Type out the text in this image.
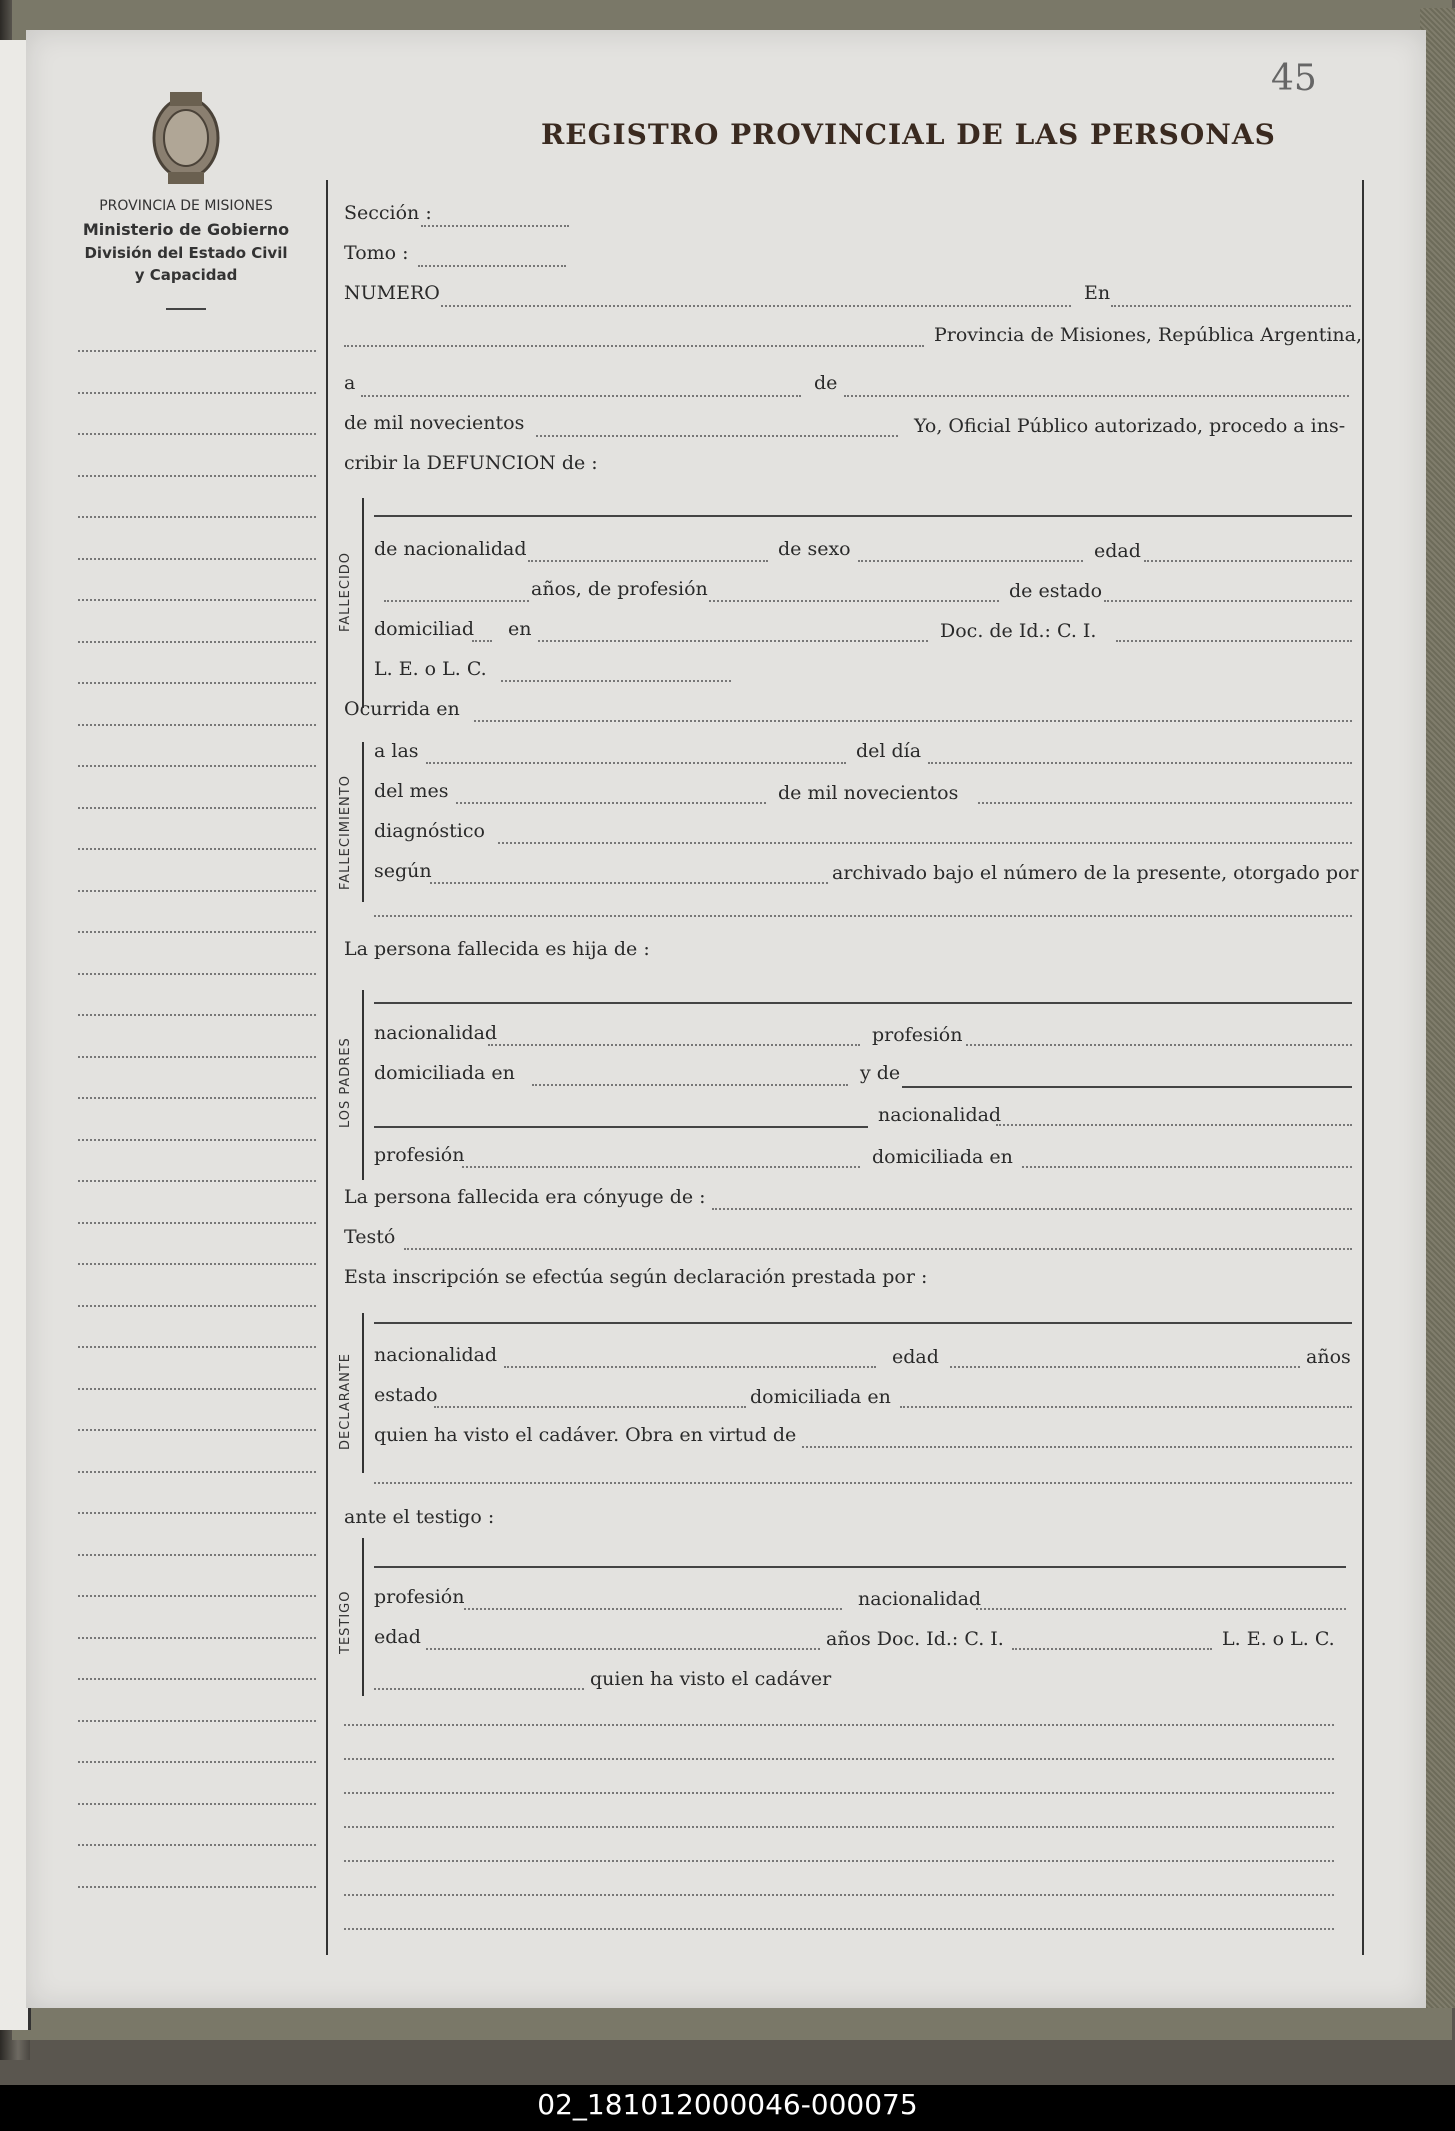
45
REGISTRO PROVINCIAL DE LAS PERSONAS
PROVINCIA DE MISIONES
Ministerio de Gobierno
División del Estado Civil
y Capacidad
FALLECIDO
FALLECIMIENTO
LOS PADRES
DECLARANTE
TESTIGO
Sección :
Tomo :
NUMERO	En
Provincia de Misiones, República Argentina,
a	de
de mil novecientos	Yo, Oficial Público autorizado, procedo a ins-
cribir la DEFUNCION de :
de nacionalidad	de sexo	edad
años, de profesión	de estado
domiciliad en	Doc. de Id.: C. I.
L. E. o L. C.
Ocurrida en
a las	del día
del mes	de mil novecientos
diagnóstico
según	archivado bajo el número de la presente, otorgado por
La persona fallecida es hija de :
nacionalidad	profesión
domiciliada en	y de
nacionalidad
profesión	domiciliada en
La persona fallecida era cónyuge de :
Testó
Esta inscripción se efectúa según declaración prestada por :
nacionalidad	edad	años
estado	domiciliada en
quien ha visto el cadáver. Obra en virtud de
ante el testigo :
profesión	nacionalidad
edad	años Doc. Id.: C. I.	L. E. o L. C.
quien ha visto el cadáver
02_181012000046-000075
